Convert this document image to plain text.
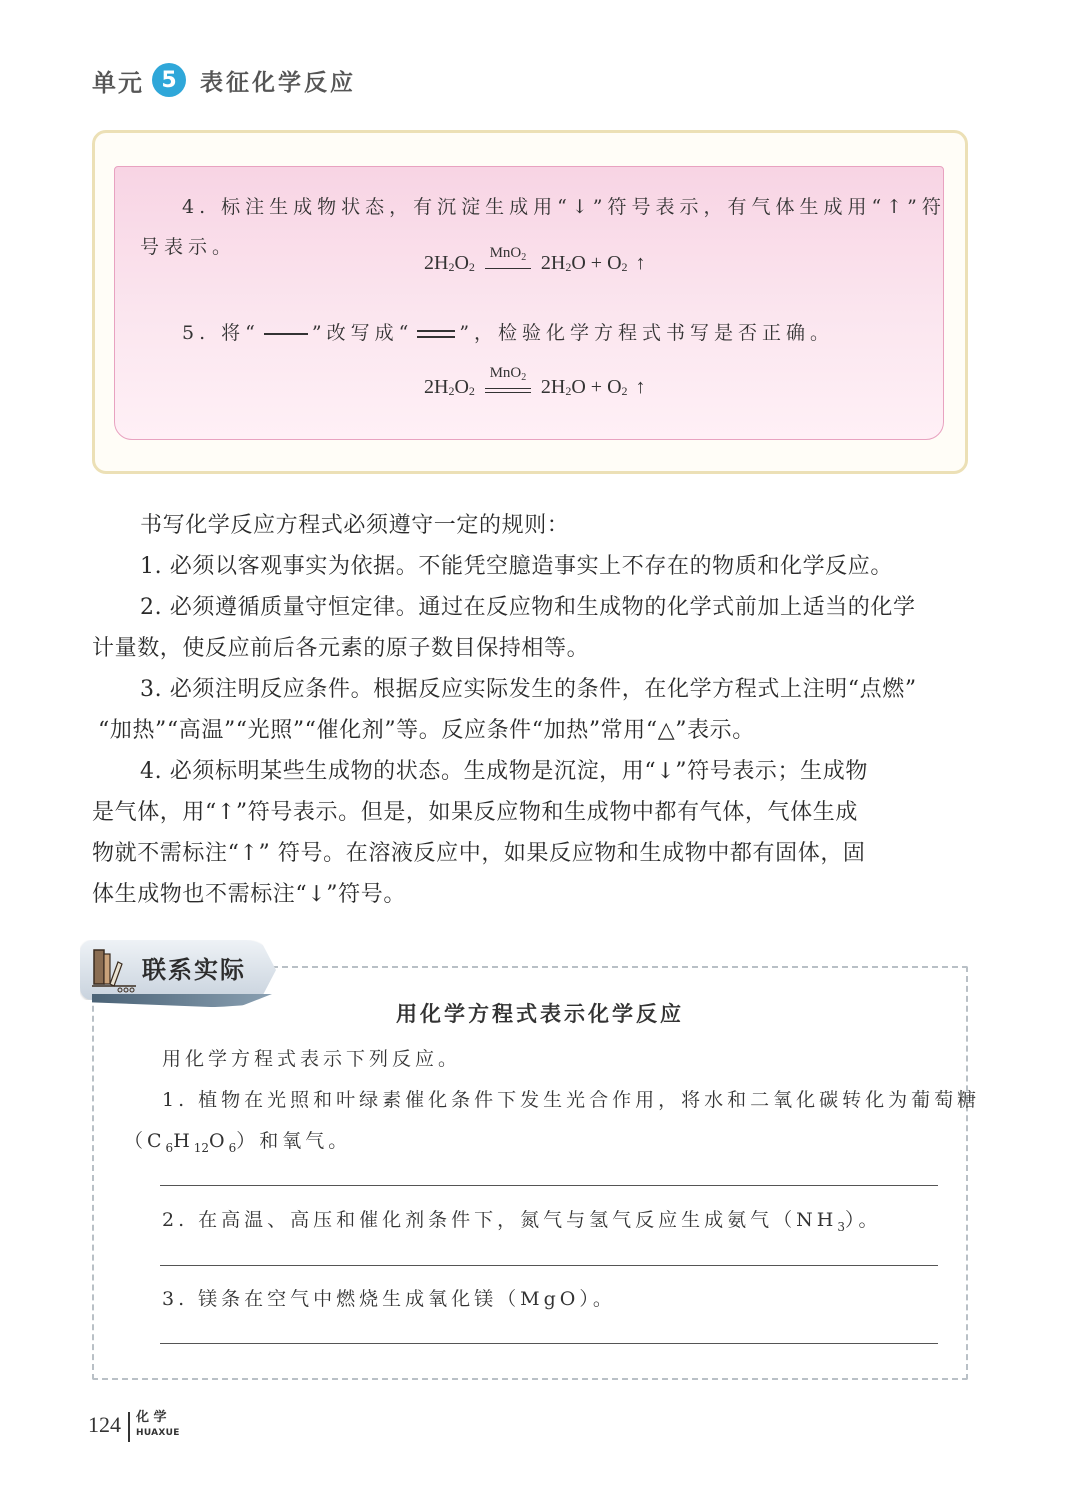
单元 5	表征化学反应
4. 标注生成物状态，有沉淀生成用“↓”符号表示，有气体生成用“↑”符
号表示。
$2H_2$ $O_2$
MnO$_2$ $2H_2$ $O + O_2$ ↑
5. 将“	”改写成“ ”，检验化学方程式书写是否正确。
$2H_2$ $O_2$
MnO$_2$ $2H_2$ $O + O_2$ ↑
书写化学反应方程式必须遵守一定的规则：
1. 必须以客观事实为依据。不能凭空臆造事实上不存在的物质和化学反应。
2. 必须遵循质量守恒定律。通过在反应物和生成物的化学式前加上适当的化学
计量数，使反应前后各元素的原子数目保持相等。
3. 必须注明反应条件。根据反应实际发生的条件，在化学方程式上注明“点燃”
“加热”“高温”“光照”“催化剂”等。反应条件“加热”常用“△”表示。
4. 必须标明某些生成物的状态。生成物是沉淀，用“↓”符号表示；生成物
是气体，用“↑”符号表示。但是，如果反应物和生成物中都有气体，气体生成
物就不需标注“↑” 符号。在溶液反应中，如果反应物和生成物中都有固体，固
体生成物也不需标注“↓”符号。
联系实际
用化学方程式表示化学反应
用化学方程式表示下列反应。
1. 植物在光照和叶绿素催化条件下发生光合作用，将水和二氧化碳转化为葡萄糖
$(C_6H_{12}O_6)$和氧气。
2. 在高温、高压和催化剂条件下，氮气与氢气反应生成氨气$(NH_3)$。
3. 镁条在空气中燃烧生成氧化镁（MgO）。
124 化 学
HUAXUE
